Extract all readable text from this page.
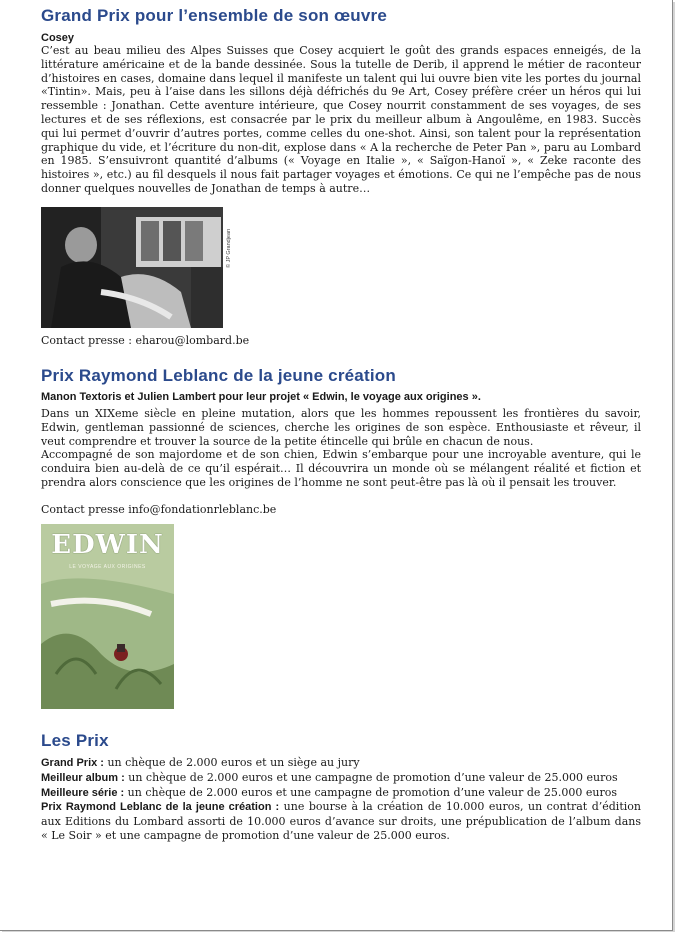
Grand Prix pour l’ensemble de son œuvre

Cosey

C’est au beau milieu des Alpes Suisses que Cosey acquiert le goût des grands espaces enneigés, de la littérature américaine et de la bande dessinée. Sous la tutelle de Derib, il apprend le métier de raconteur d’histoires en cases, domaine dans lequel il manifeste un talent qui lui ouvre bien vite les portes du journal «Tintin». Mais, peu à l’aise dans les sillons déjà défrichés du 9e Art, Cosey préfère créer un héros qui lui ressemble : Jonathan. Cette aventure intérieure, que Cosey nourrit constamment de ses voyages, de ses lectures et de ses réflexions, est consacrée par le prix du meilleur album à Angoulême, en 1983. Succès qui lui permet d’ouvrir d’autres portes, comme celles du one-shot. Ainsi, son talent pour la représentation graphique du vide, et l’écriture du non-dit, explose dans « A la recherche de Peter Pan », paru au Lombard en 1985. S’ensuivront quantité d’albums (« Voyage en Italie », « Saïgon-Hanoï », « Zeke raconte des histoires », etc.) au fil desquels il nous fait partager voyages et émotions. Ce qui ne l’empêche pas de nous donner quelques nouvelles de Jonathan de temps à autre…

© JP Grandjean

Contact presse : eharou@lombard.be

Prix Raymond Leblanc de la jeune création

Manon Textoris et Julien Lambert pour leur projet « Edwin, le voyage aux origines ».

Dans un XIXeme siècle en pleine mutation, alors que les hommes repoussent les frontières du savoir, Edwin, gentleman passionné de sciences, cherche les origines de son espèce. Enthousiaste et rêveur, il veut comprendre et trouver la source de la petite étincelle qui brûle en chacun de nous.

Accompagné de son majordome et de son chien, Edwin s’embarque pour une incroyable aventure, qui le conduira bien au-delà de ce qu’il espérait… Il découvrira un monde où se mélangent réalité et fiction et prendra alors conscience que les origines de l’homme ne sont peut-être pas là où il pensait les trouver.

Contact presse info@fondationrleblanc.be

EDWIN
LE VOYAGE AUX ORIGINES
Les Prix

Grand Prix : un chèque de 2.000 euros et un siège au jury

Meilleur album : un chèque de 2.000 euros et une campagne de promotion d’une valeur de 25.000 euros

Meilleure série : un chèque de 2.000 euros et une campagne de promotion d’une valeur de 25.000 euros

Prix Raymond Leblanc de la jeune création : une bourse à la création de 10.000 euros, un contrat d’édition aux Editions du Lombard assorti de 10.000 euros d’avance sur droits, une prépublication de l’album dans « Le Soir » et une campagne de promotion d’une valeur de 25.000 euros.
